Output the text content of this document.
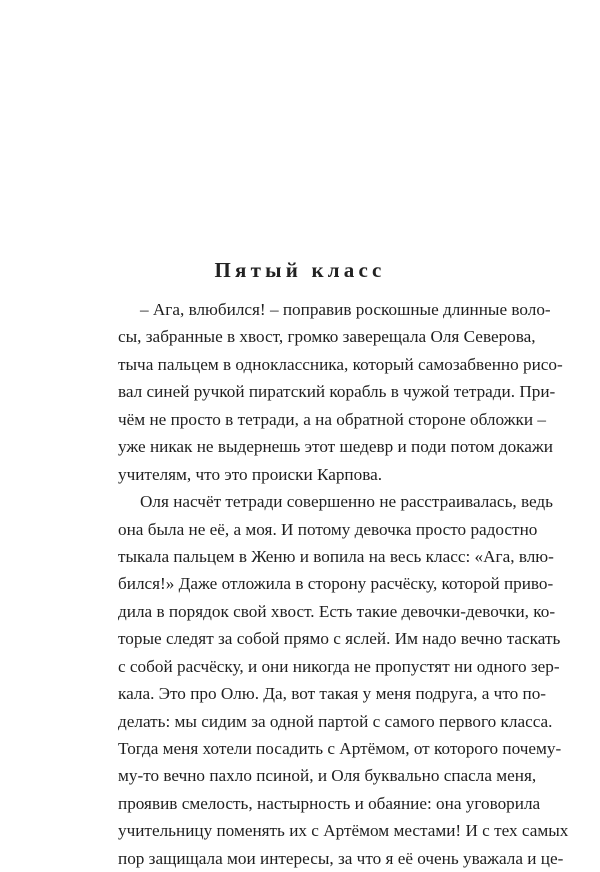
Пятый класс
– Ага, влюбился! – поправив роскошные длинные воло-
сы, забранные в хвост, громко заверещала Оля Северова,
тыча пальцем в одноклассника, который самозабвенно рисо-
вал синей ручкой пиратский корабль в чужой тетради. При-
чём не просто в тетради, а на обратной стороне обложки –
уже никак не выдернешь этот шедевр и поди потом докажи
учителям, что это происки Карпова.
Оля насчёт тетради совершенно не расстраивалась, ведь
она была не её, а моя. И потому девочка просто радостно
тыкала пальцем в Женю и вопила на весь класс: «Ага, влю-
бился!» Даже отложила в сторону расчёску, которой приво-
дила в порядок свой хвост. Есть такие девочки-девочки, ко-
торые следят за собой прямо с яслей. Им надо вечно таскать
с собой расчёску, и они никогда не пропустят ни одного зер-
кала. Это про Олю. Да, вот такая у меня подруга, а что по-
делать: мы сидим за одной партой с самого первого класса.
Тогда меня хотели посадить с Артёмом, от которого почему-
му-то вечно пахло псиной, и Оля буквально спасла меня,
проявив смелость, настырность и обаяние: она уговорила
учительницу поменять их с Артёмом местами! И с тех самых
пор защищала мои интересы, за что я её очень уважала и це-
